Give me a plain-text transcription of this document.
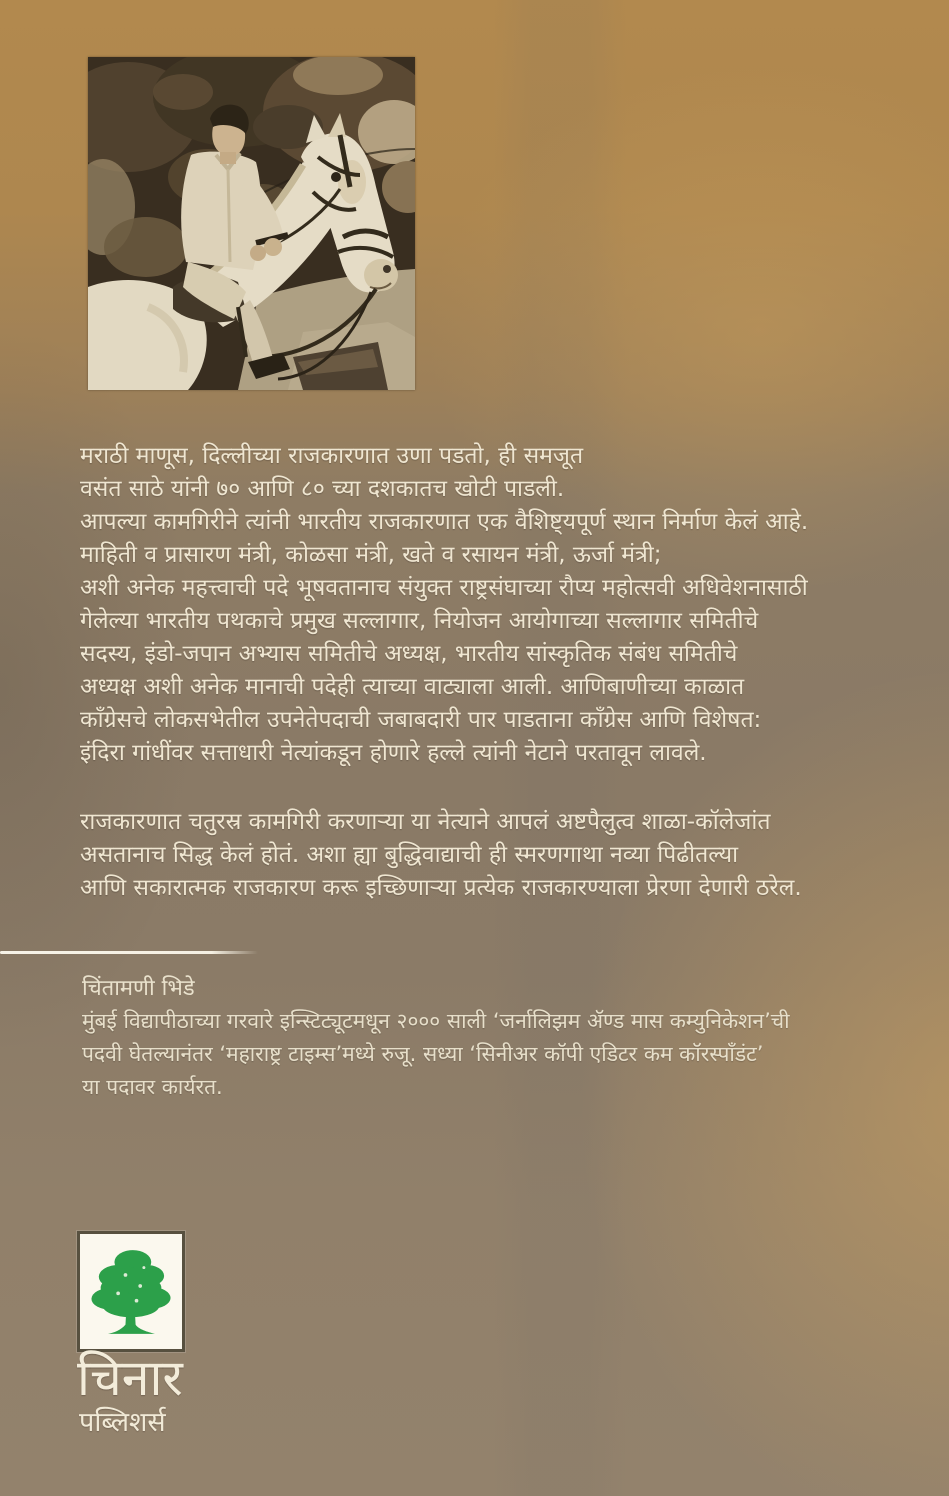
मराठी माणूस, दिल्लीच्या राजकारणात उणा पडतो, ही समजूत
वसंत साठे यांनी ७० आणि ८० च्या दशकातच खोटी पाडली.
आपल्या कामगिरीने त्यांनी भारतीय राजकारणात एक वैशिष्ट्यपूर्ण स्थान निर्माण केलं आहे.
माहिती व प्रासारण मंत्री, कोळसा मंत्री, खते व रसायन मंत्री, ऊर्जा मंत्री;
अशी अनेक महत्त्वाची पदे भूषवतानाच संयुक्त राष्ट्रसंघाच्या रौप्य महोत्सवी अधिवेशनासाठी
गेलेल्या भारतीय पथकाचे प्रमुख सल्लागार, नियोजन आयोगाच्या सल्लागार समितीचे
सदस्य, इंडो-जपान अभ्यास समितीचे अध्यक्ष, भारतीय सांस्कृतिक संबंध समितीचे
अध्यक्ष अशी अनेक मानाची पदेही त्याच्या वाट्याला आली. आणिबाणीच्या काळात
काँग्रेसचे लोकसभेतील उपनेतेपदाची जबाबदारी पार पाडताना काँग्रेस आणि विशेषत:
इंदिरा गांधींवर सत्ताधारी नेत्यांकडून होणारे हल्ले त्यांनी नेटाने परतावून लावले.
राजकारणात चतुरस्र कामगिरी करणाऱ्या या नेत्याने आपलं अष्टपैलुत्व शाळा-कॉलेजांत
असतानाच सिद्ध केलं होतं. अशा ह्या बुद्धिवाद्याची ही स्मरणगाथा नव्या पिढीतल्या
आणि सकारात्मक राजकारण करू इच्छिणाऱ्या प्रत्येक राजकारण्याला प्रेरणा देणारी ठरेल.
चिंतामणी भिडे
मुंबई विद्यापीठाच्या गरवारे इन्स्टिट्यूटमधून २००० साली ‘जर्नालिझम ॲण्ड मास कम्युनिकेशन’ची
पदवी घेतल्यानंतर ‘महाराष्ट्र टाइम्स’मध्ये रुजू. सध्या ‘सिनीअर कॉपी एडिटर कम कॉरस्पाँडंट’
या पदावर कार्यरत.
चिनार
पब्लिशर्स
